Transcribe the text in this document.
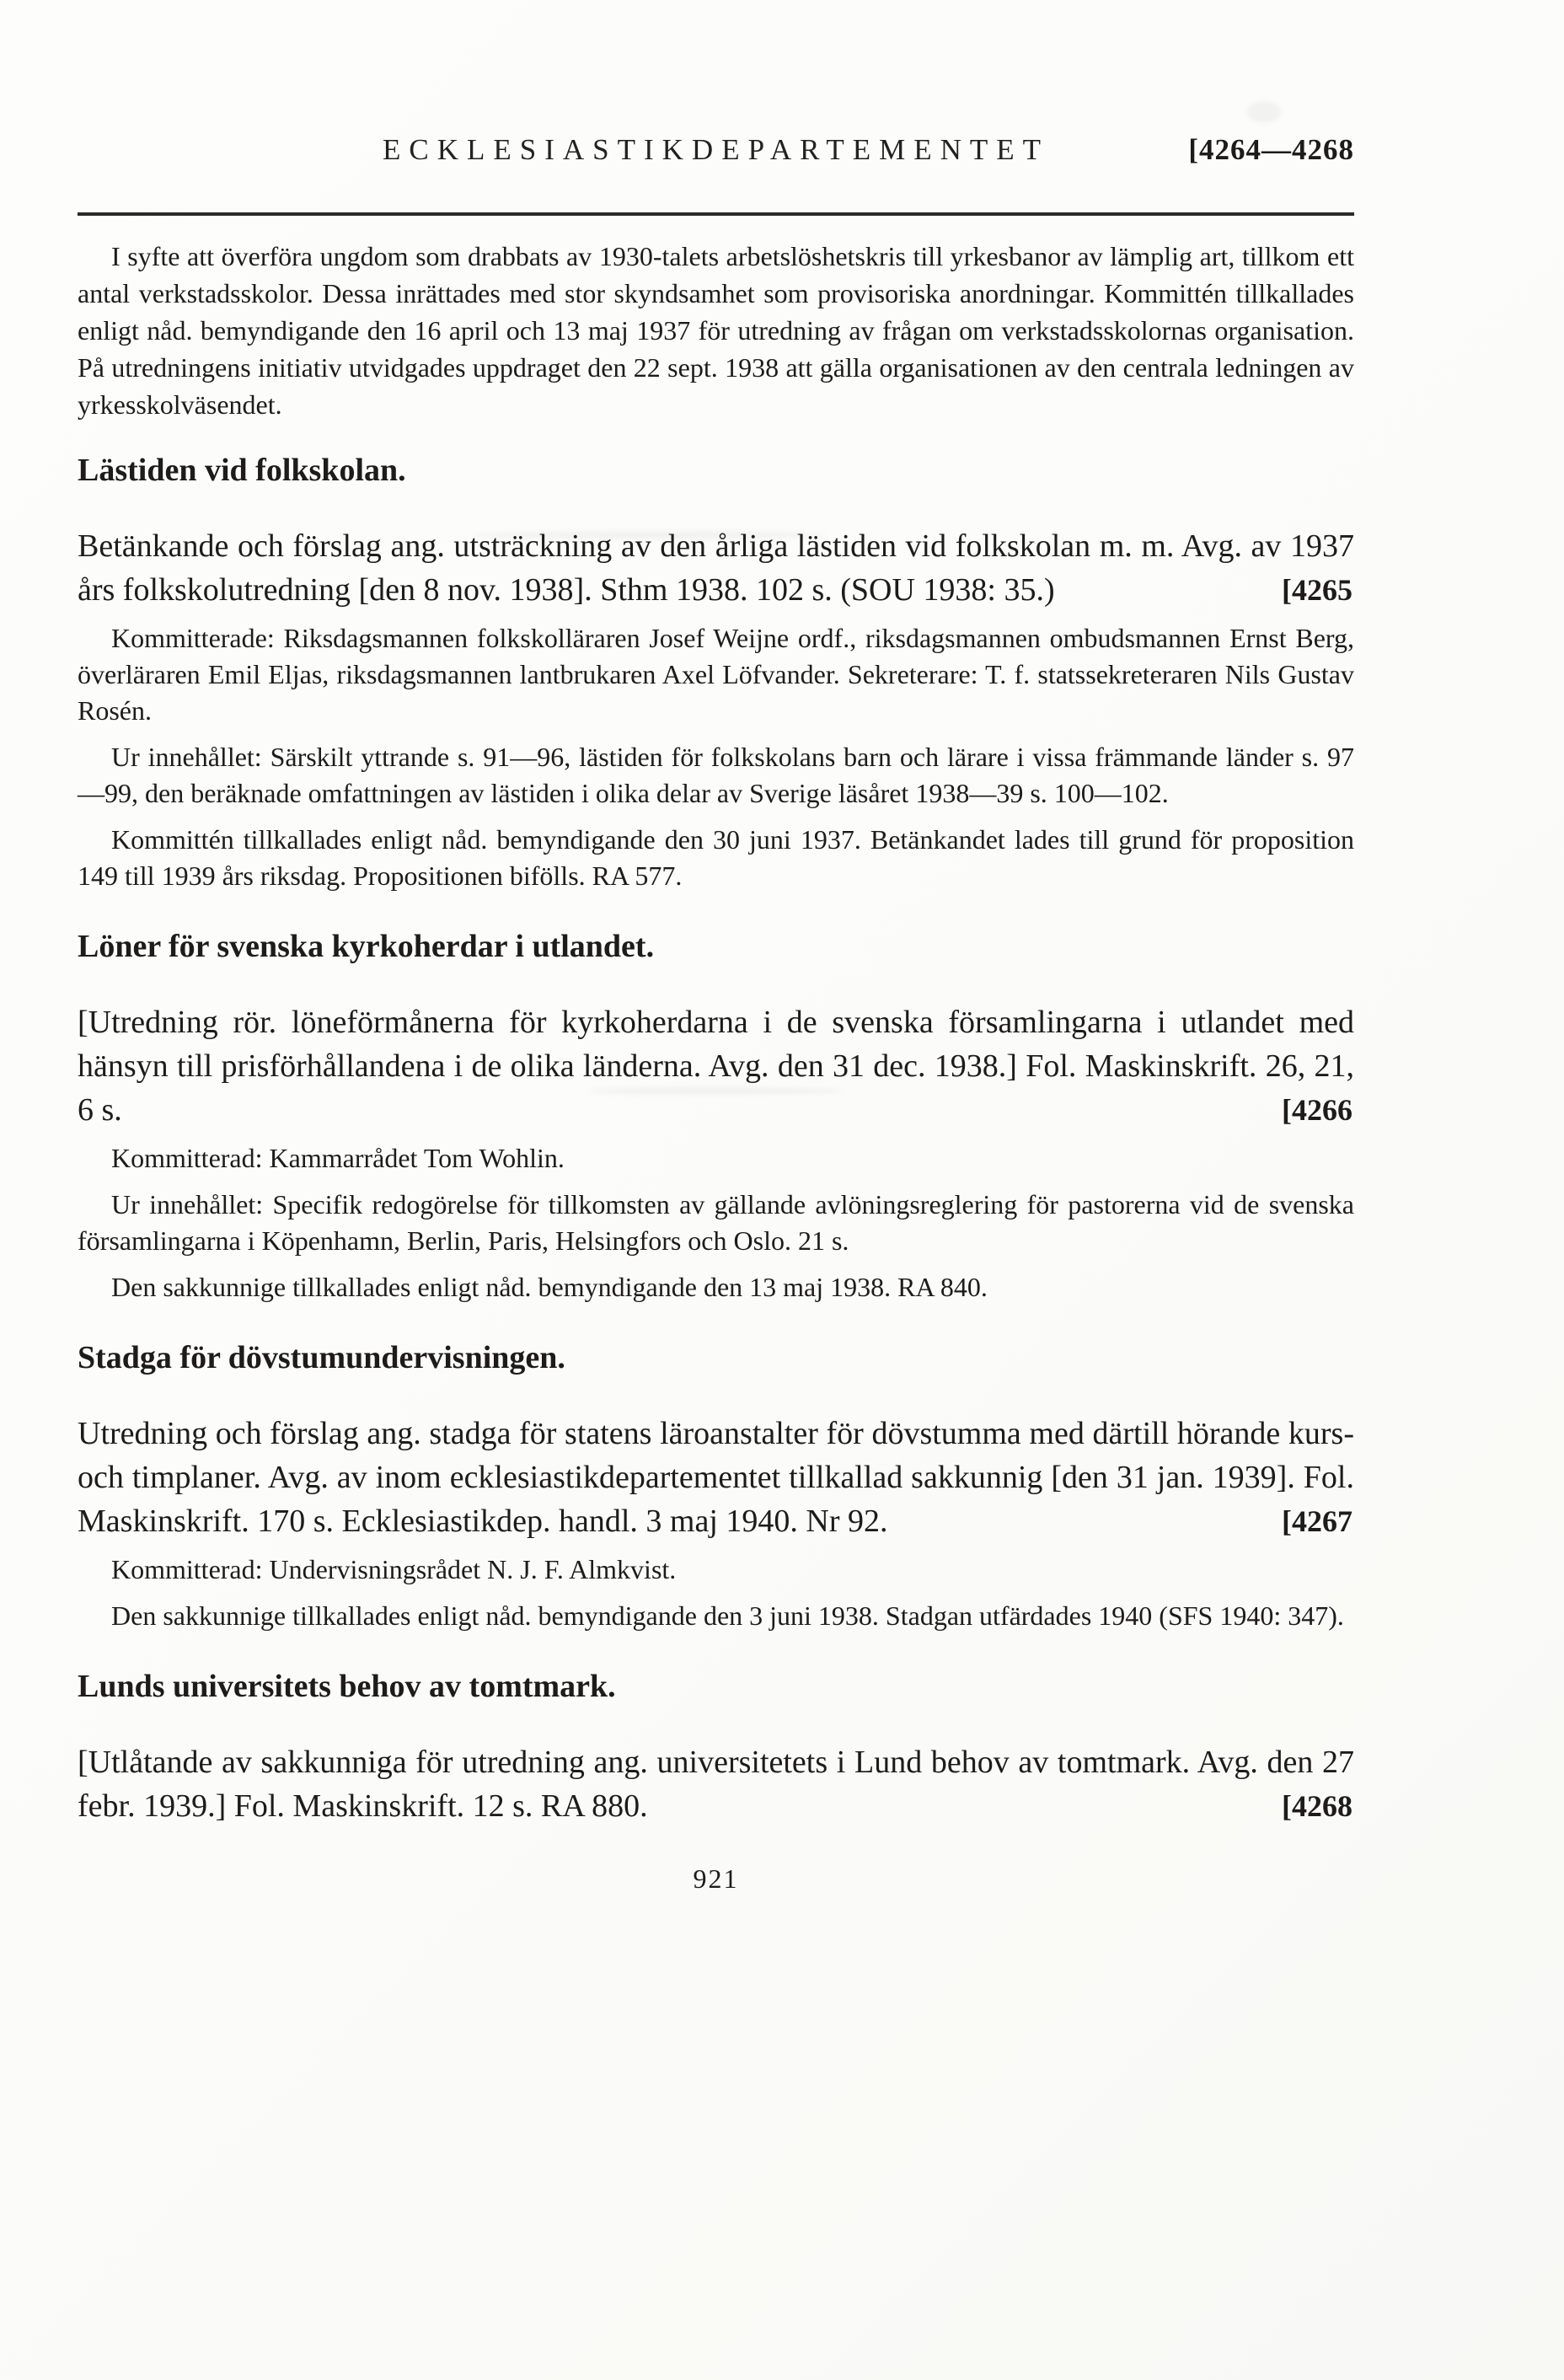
ECKLESIASTIKDEPARTEMENTET	[4264—4268

I syfte att överföra ungdom som drabbats av 1930-talets arbetslöshetskris till yrkesbanor av lämplig art, tillkom ett antal verkstadsskolor. Dessa inrättades med stor skyndsamhet som provisoriska anordningar. Kommittén tillkallades enligt nåd. bemyndigande den 16 april och 13 maj 1937 för utredning av frågan om verkstadsskolornas organisation. På utredningens initiativ utvidgades uppdraget den 22 sept. 1938 att gälla organisationen av den centrala ledningen av yrkesskolväsendet.

Lästiden vid folkskolan.

Betänkande och förslag ang. utsträckning av den årliga lästiden vid folkskolan m. m. Avg. av 1937 års folkskolutredning [den 8 nov. 1938]. Sthm 1938. 102 s. (SOU 1938: 35.)	[4265

Kommitterade: Riksdagsmannen folkskolläraren Josef Weijne ordf., riksdagsmannen ombudsmannen Ernst Berg, överläraren Emil Eljas, riksdagsmannen lantbrukaren Axel Löfvander. Sekreterare: T. f. statssekreteraren Nils Gustav Rosén.

Ur innehållet: Särskilt yttrande s. 91—96, lästiden för folkskolans barn och lärare i vissa främmande länder s. 97—99, den beräknade omfattningen av lästiden i olika delar av Sverige läsåret 1938—39 s. 100—102.

Kommittén tillkallades enligt nåd. bemyndigande den 30 juni 1937. Betänkandet lades till grund för proposition 149 till 1939 års riksdag. Propositionen bifölls. RA 577.

Löner för svenska kyrkoherdar i utlandet.

[Utredning rör. löneförmånerna för kyrkoherdarna i de svenska församlingarna i utlandet med hänsyn till prisförhållandena i de olika länderna. Avg. den 31 dec. 1938.] Fol. Maskinskrift. 26, 21, 6 s.	[4266

Kommitterad: Kammarrådet Tom Wohlin.

Ur innehållet: Specifik redogörelse för tillkomsten av gällande avlöningsreglering för pastorerna vid de svenska församlingarna i Köpenhamn, Berlin, Paris, Helsingfors och Oslo. 21 s.

Den sakkunnige tillkallades enligt nåd. bemyndigande den 13 maj 1938. RA 840.

Stadga för dövstumundervisningen.

Utredning och förslag ang. stadga för statens läroanstalter för dövstumma med därtill hörande kurs- och timplaner. Avg. av inom ecklesiastikdepartementet tillkallad sakkunnig [den 31 jan. 1939]. Fol. Maskinskrift. 170 s. Ecklesiastikdep. handl. 3 maj 1940. Nr 92.	[4267

Kommitterad: Undervisningsrådet N. J. F. Almkvist.

Den sakkunnige tillkallades enligt nåd. bemyndigande den 3 juni 1938. Stadgan utfärdades 1940 (SFS 1940: 347).

Lunds universitets behov av tomtmark.

[Utlåtande av sakkunniga för utredning ang. universitetets i Lund behov av tomtmark. Avg. den 27 febr. 1939.] Fol. Maskinskrift. 12 s. RA 880.	[4268
921
